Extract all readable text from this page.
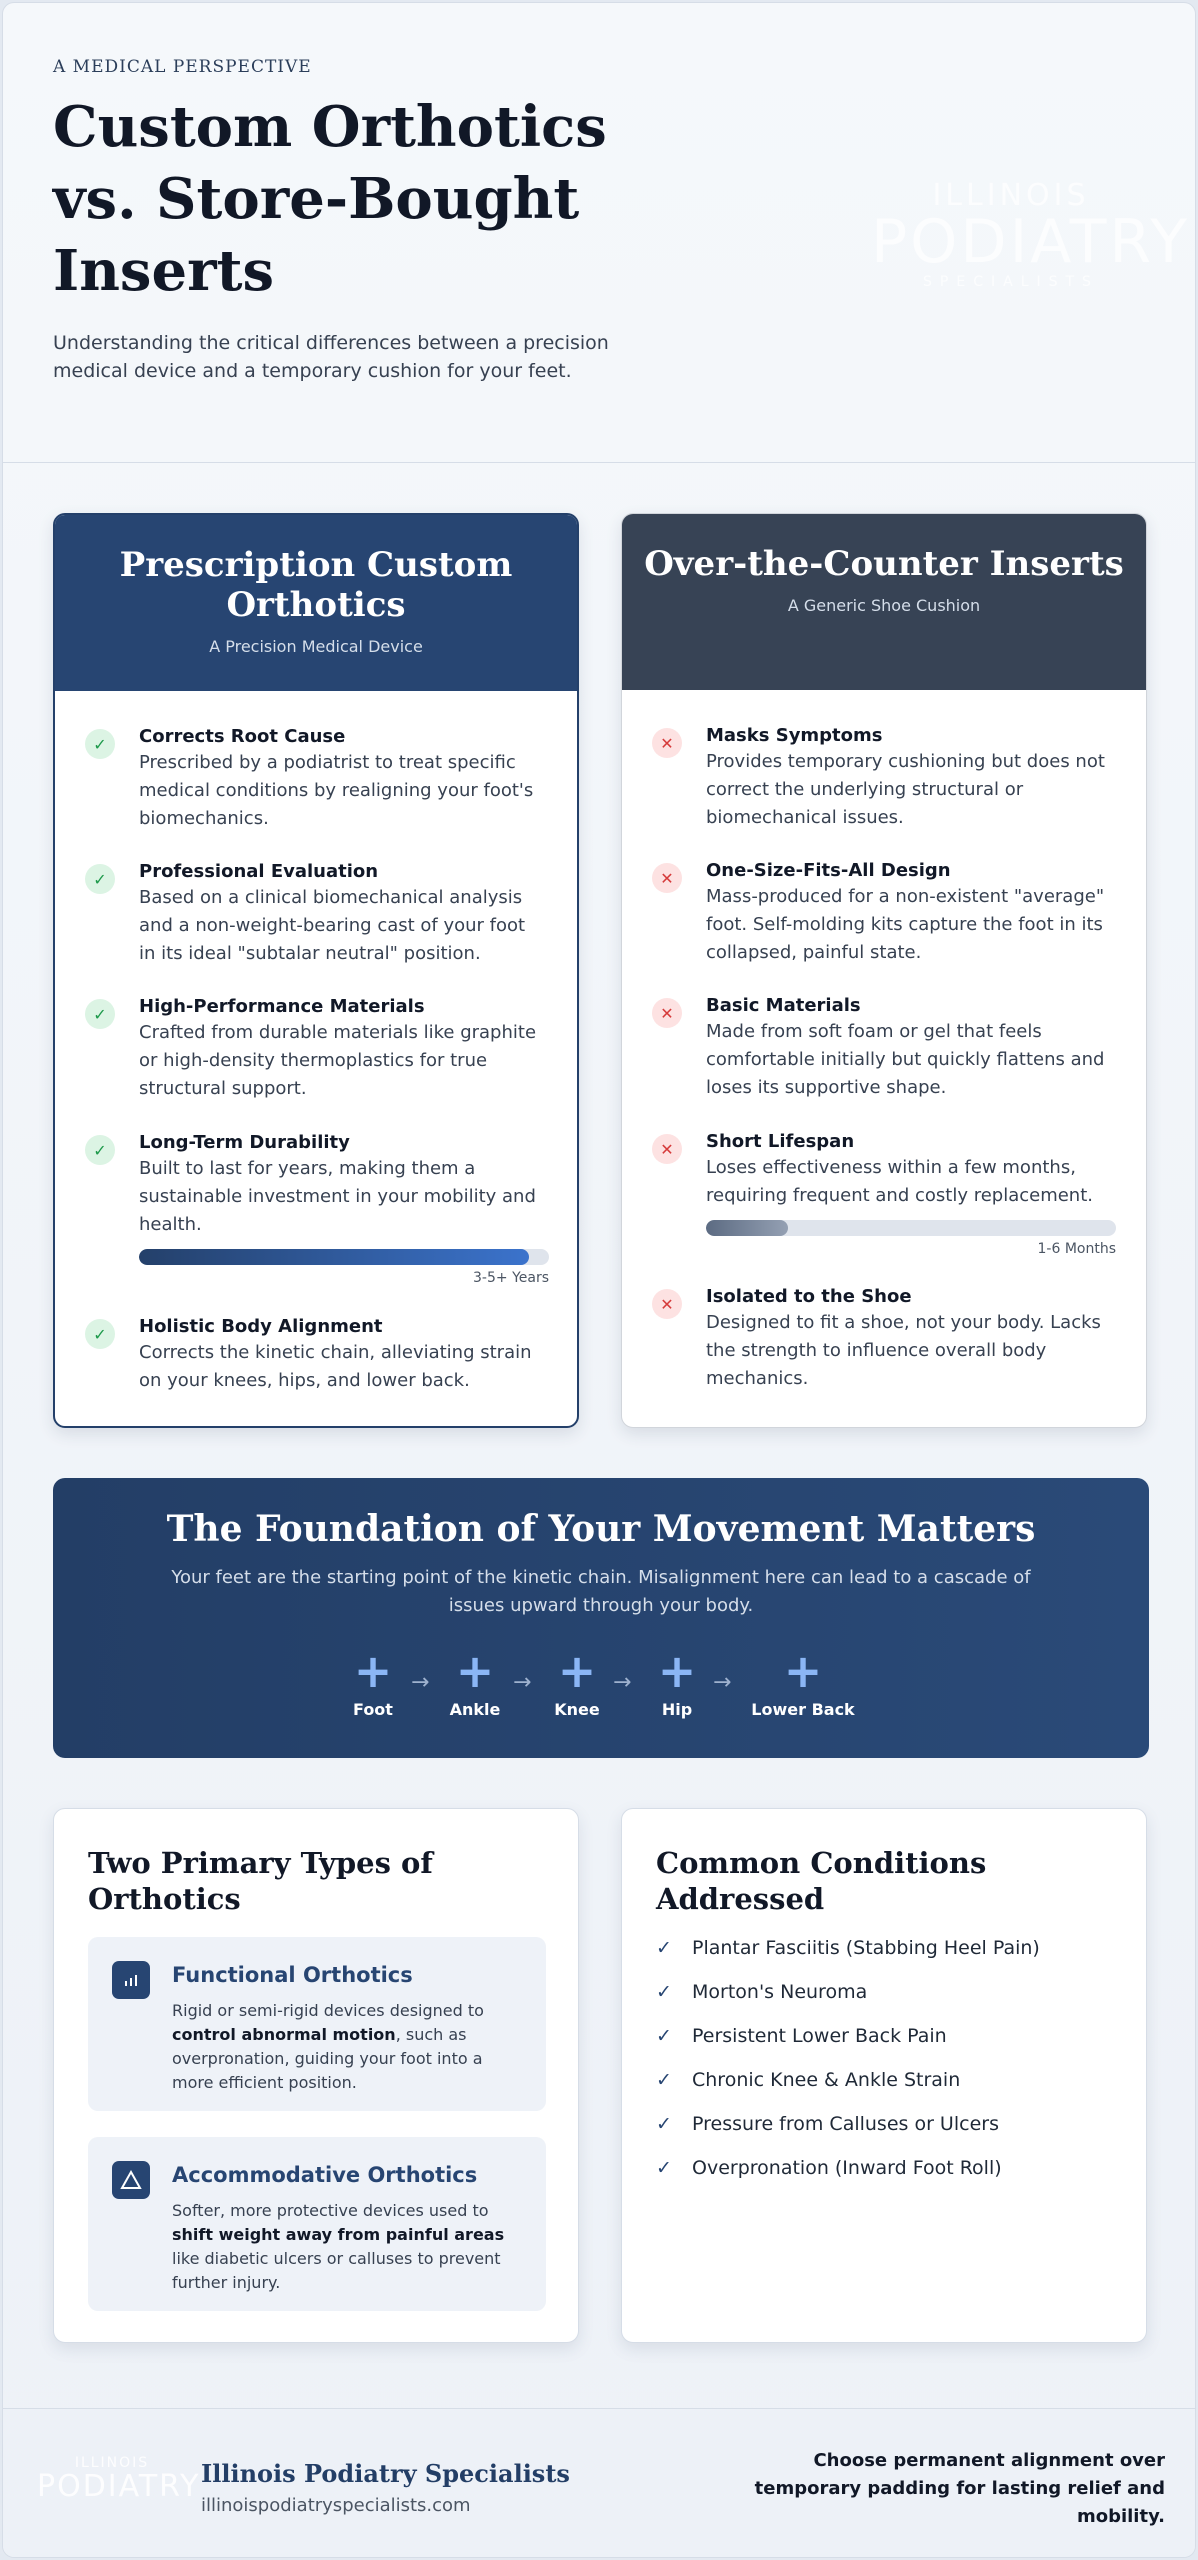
A MEDICAL PERSPECTIVE
Custom Orthotics vs. Store-Bought Inserts

Understanding the critical differences between a precision medical device and a temporary cushion for your feet.

ILLINOIS
PODIATRY
SPECIALISTS
Prescription Custom Orthotics
A Precision Medical Device
✓	Corrects Root Cause
Prescribed by a podiatrist to treat specific medical conditions by realigning your foot's biomechanics.
✓	Professional Evaluation
Based on a clinical biomechanical analysis and a non-weight-bearing cast of your foot in its ideal "subtalar neutral" position.
✓	High-Performance Materials
Crafted from durable materials like graphite or high-density thermoplastics for true structural support.
✓	Long-Term Durability
Built to last for years, making them a sustainable investment in your mobility and health.
3-5+ Years
✓	Holistic Body Alignment
Corrects the kinetic chain, alleviating strain on your knees, hips, and lower back.
Over-the-Counter Inserts
A Generic Shoe Cushion
✕	Masks Symptoms
Provides temporary cushioning but does not correct the underlying structural or biomechanical issues.
✕	One-Size-Fits-All Design
Mass-produced for a non-existent "average" foot. Self-molding kits capture the foot in its collapsed, painful state.
✕	Basic Materials
Made from soft foam or gel that feels comfortable initially but quickly flattens and loses its supportive shape.
✕	Short Lifespan
Loses effectiveness within a few months, requiring frequent and costly replacement.
1-6 Months
✕	Isolated to the Shoe
Designed to fit a shoe, not your body. Lacks the strength to influence overall body mechanics.
The Foundation of Your Movement Matters
Your feet are the starting point of the kinetic chain. Misalignment here can lead to a cascade of issues upward through your body.
+
Foot
→ +
Ankle
→ +
Knee
→ +
Hip
→	+
Lower Back
Two Primary Types of Orthotics
Functional Orthotics
Rigid or semi-rigid devices designed to control abnormal motion, such as overpronation, guiding your foot into a more efficient position.
Accommodative Orthotics
Softer, more protective devices used to shift weight away from painful areas like diabetic ulcers or calluses to prevent further injury.
Common Conditions Addressed
✓ Plantar Fasciitis (Stabbing Heel Pain)
✓ Morton's Neuroma
✓ Persistent Lower Back Pain
✓ Chronic Knee & Ankle Strain
✓ Pressure from Calluses or Ulcers
✓ Overpronation (Inward Foot Roll)
ILLINOIS
PODIATRY Illinois Podiatry Specialists
illinoispodiatryspecialists.com
Choose permanent alignment over temporary padding for lasting relief and mobility.
